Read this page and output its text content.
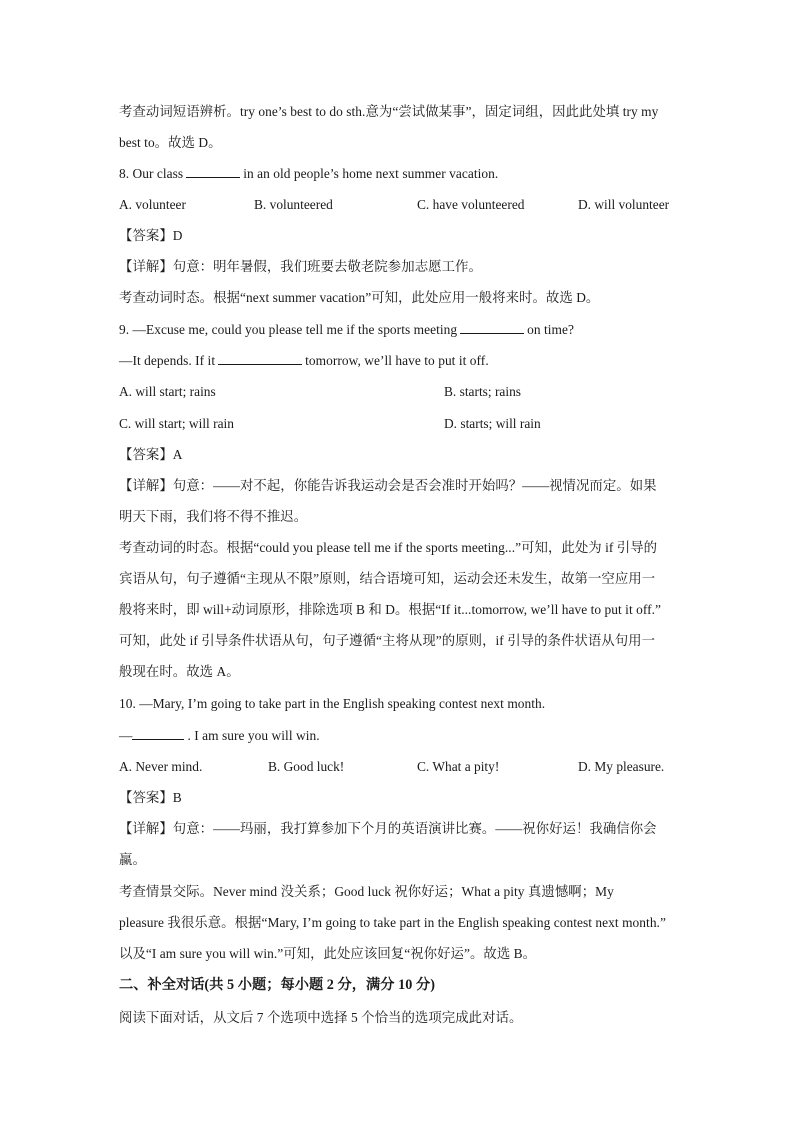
考查动词短语辨析。try one’s best to do sth.意为“尝试做某事”，固定词组，因此此处填 try my
best to。故选 D。
8. Our class	in an old people’s home next summer vacation.
A. volunteer	B. volunteered	C. have volunteered	D. will volunteer
【答案】D
【详解】句意：明年暑假，我们班要去敬老院参加志愿工作。
考查动词时态。根据“next summer vacation”可知，此处应用一般将来时。故选 D。
9. —Excuse me, could you please tell me if the sports meeting	on time?
—It depends. If it	tomorrow, we’ll have to put it off.
A. will start; rains	B. starts; rains
C. will start; will rain	D. starts; will rain
【答案】A
【详解】句意：——对不起，你能告诉我运动会是否会准时开始吗？——视情况而定。如果
明天下雨，我们将不得不推迟。
考查动词的时态。根据“could you please tell me if the sports meeting...”可知，此处为 if 引导的
宾语从句，句子遵循“主现从不限”原则，结合语境可知，运动会还未发生，故第一空应用一
般将来时，即 will+动词原形，排除选项 B 和 D。根据“If it...tomorrow, we’ll have to put it off.”
可知，此处 if 引导条件状语从句，句子遵循“主将从现”的原则，if 引导的条件状语从句用一
般现在时。故选 A。
10. —Mary, I’m going to take part in the English speaking contest next month.
—	. I am sure you will win.
A. Never mind.	B. Good luck!	C. What a pity!	D. My pleasure.
【答案】B
【详解】句意：——玛丽，我打算参加下个月的英语演讲比赛。——祝你好运！我确信你会
赢。
考查情景交际。Never mind 没关系；Good luck 祝你好运；What a pity 真遗憾啊；My
pleasure 我很乐意。根据“Mary, I’m going to take part in the English speaking contest next month.”
以及“I am sure you will win.”可知，此处应该回复“祝你好运”。故选 B。
二、补全对话(共 5 小题；每小题 2 分，满分 10 分)
阅读下面对话，从文后 7 个选项中选择 5 个恰当的选项完成此对话。
